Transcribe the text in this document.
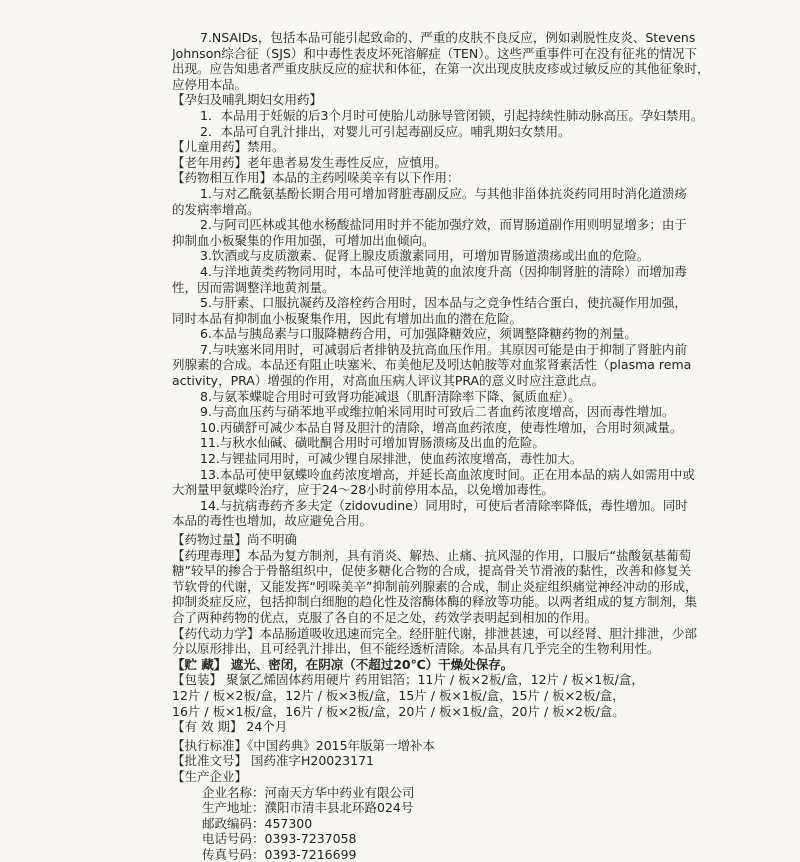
7.NSAIDs，包括本品可能引起致命的、严重的皮肤不良反应，例如剥脱性皮炎、Stevens

Johnson综合征（SJS）和中毒性表皮坏死溶解症（TEN）。这些严重事件可在没有征兆的情况下

出现。应告知患者严重皮肤反应的症状和体征，在第一次出现皮肤皮疹或过敏反应的其他征象时，

应停用本品。

【孕妇及哺乳期妇女用药】

1．本品用于妊娠的后3个月时可使胎儿动脉导管闭锁，引起持续性肺动脉高压。孕妇禁用。

2．本品可自乳汁排出，对婴儿可引起毒副反应。哺乳期妇女禁用。

【儿童用药】禁用。

【老年用药】老年患者易发生毒性反应，应慎用。

【药物相互作用】本品的主药吲哚美辛有以下作用：

1.与对乙酰氨基酚长期合用可增加肾脏毒副反应。与其他非甾体抗炎药同用时消化道溃疡

的发病率增高。

2.与阿司匹林或其他水杨酸盐同用时并不能加强疗效，而胃肠道副作用则明显增多；由于

抑制血小板聚集的作用加强，可增加出血倾向。

3.饮酒或与皮质激素、促肾上腺皮质激素同用，可增加胃肠道溃疡或出血的危险。

4.与洋地黄类药物同用时，本品可使洋地黄的血浓度升高（因抑制肾脏的清除）而增加毒

性，因而需调整洋地黄剂量。

5.与肝素、口服抗凝药及溶栓药合用时，因本品与之竞争性结合蛋白，使抗凝作用加强，

同时本品有抑制血小板聚集作用，因此有增加出血的潜在危险。

6.本品与胰岛素与口服降糖药合用，可加强降糖效应，须调整降糖药物的剂量。

7.与呋塞米同用时，可减弱后者排钠及抗高血压作用。其原因可能是由于抑制了肾脏内前

列腺素的合成。本品还有阻止呋塞米、布美他尼及吲达帕胺等对血浆肾素活性（plasma rema

activity，PRA）增强的作用，对高血压病人评议其PRA的意义时应注意此点。

8.与氨苯蝶啶合用时可致肾功能减退（肌酐清除率下降、氮质血症）。

9.与高血压药与硝苯地平或维拉帕米同用时可致后二者血药浓度增高，因而毒性增加。

10.丙磺舒可减少本品自肾及胆汁的清除，增高血药浓度，使毒性增加，合用时须减量。

11.与秋水仙碱、磺吡酮合用时可增加胃肠溃疡及出血的危险。

12.与锂盐同用时，可减少锂自尿排泄，使血药浓度增高，毒性加大。

13.本品可使甲氨蝶呤血药浓度增高，并延长高血浓度时间。正在用本品的病人如需用中或

大剂量甲氨蝶呤治疗，应于24～28小时前停用本品，以免增加毒性。

14.与抗病毒药齐多夫定（zidovudine）同用时，可使后者清除率降低，毒性增加。同时

本品的毒性也增加，故应避免合用。

【药物过量】尚不明确

【药理毒理】本品为复方制剂，具有消炎、解热、止痛、抗风湿的作用，口服后“盐酸氨基葡萄

糖”较早的掺合于骨骼组织中，促使多糖化合物的合成，提高骨关节滑液的黏性，改善和修复关

节软骨的代谢，又能发挥“吲哚美辛”抑制前列腺素的合成，制止炎症组织痛觉神经冲动的形成，

抑制炎症反应，包括抑制白细胞的趋化性及溶酶体酶的释放等功能。以两者组成的复方制剂，集

合了两种药物的优点，克服了各自的不足之处，药效学表明起到相加的作用。

【药代动力学】本品肠道吸收迅速而完全。经肝脏代谢，排泄甚速，可以经肾、胆汁排泄，少部

分以原形排出，且可经乳汁排出，但不能经透析清除。本品具有几乎完全的生物利用性。

【贮 藏】 遮光、密闭，在阴凉（不超过20℃）干燥处保存。

【包装】 聚氯乙烯固体药用硬片 药用铝箔；11片 / 板×2板/盒，12片 / 板×1板/盒，

12片 / 板×2板/盒，12片 / 板×3板/盒，15片 / 板×1板/盒，15片 / 板×2板/盒，

16片 / 板×1板/盒，16片 / 板×2板/盒，20片 / 板×1板/盒，20片 / 板×2板/盒。

【有 效 期】 24个月

【执行标准】《中国药典》2015年版第一增补本

【批准文号】 国药准字H20023171

【生产企业】

企业名称：河南天方华中药业有限公司

生产地址：濮阳市清丰县北环路024号

邮政编码：457300

电话号码：0393-7237058

传真号码：0393-7216699
